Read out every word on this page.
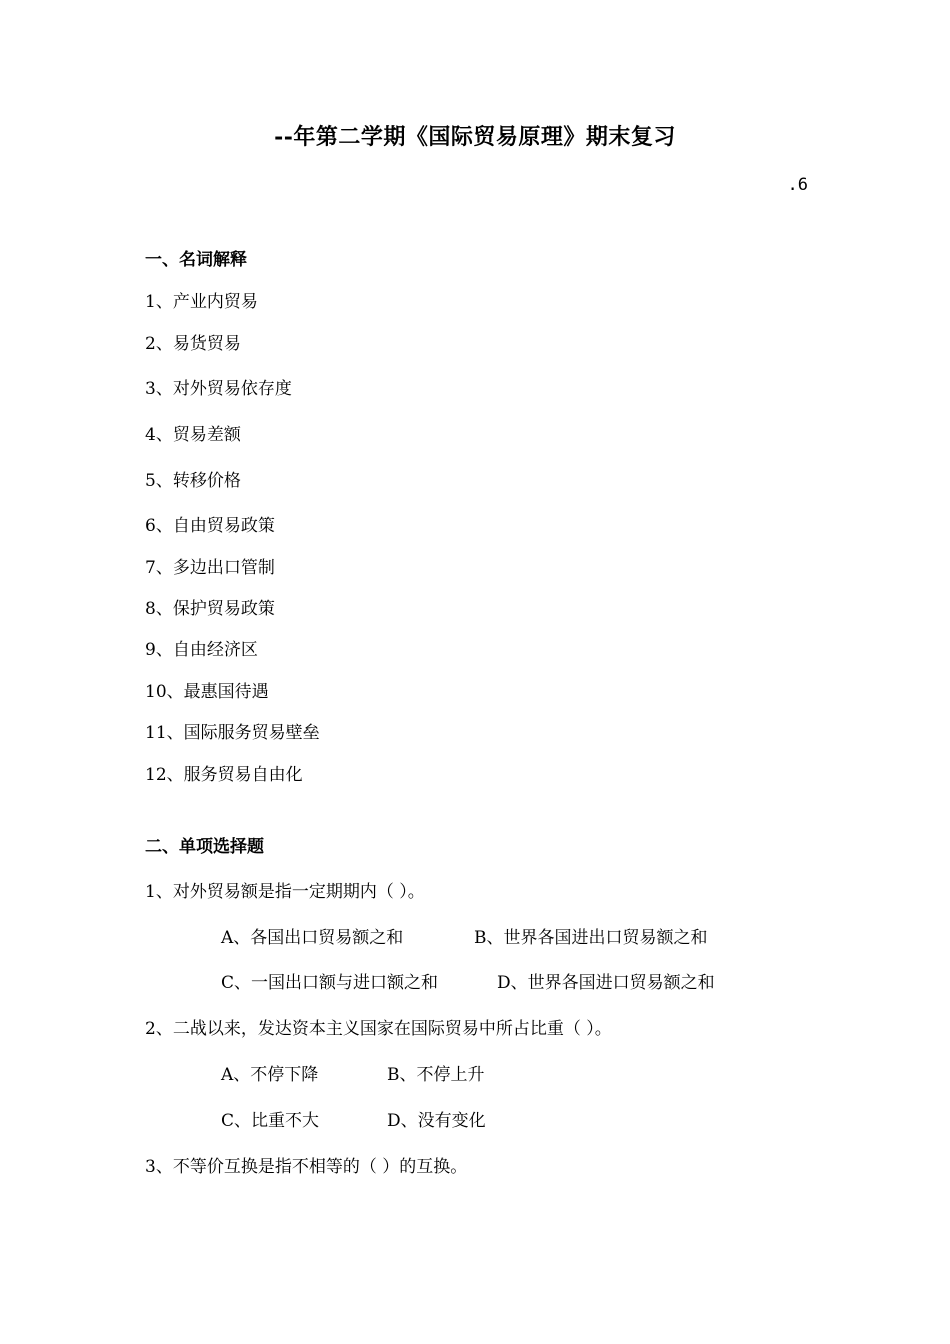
--年第二学期《国际贸易原理》期末复习
.6
一、名词解释
1、产业内贸易
2、易货贸易
3、对外贸易依存度
4、贸易差额
5、转移价格
6、自由贸易政策
7、多边出口管制
8、保护贸易政策
9、自由经济区
10、最惠国待遇
11、国际服务贸易壁垒
12、服务贸易自由化
二、单项选择题
1、对外贸易额是指一定期期内（ ）。
A、各国出口贸易额之和	B、世界各国进出口贸易额之和
C、一国出口额与进口额之和	D、世界各国进口贸易额之和
2、二战以来，发达资本主义国家在国际贸易中所占比重（ ）。
A、不停下降	B、不停上升
C、比重不大	D、没有变化
3、不等价互换是指不相等的（ ）的互换。
